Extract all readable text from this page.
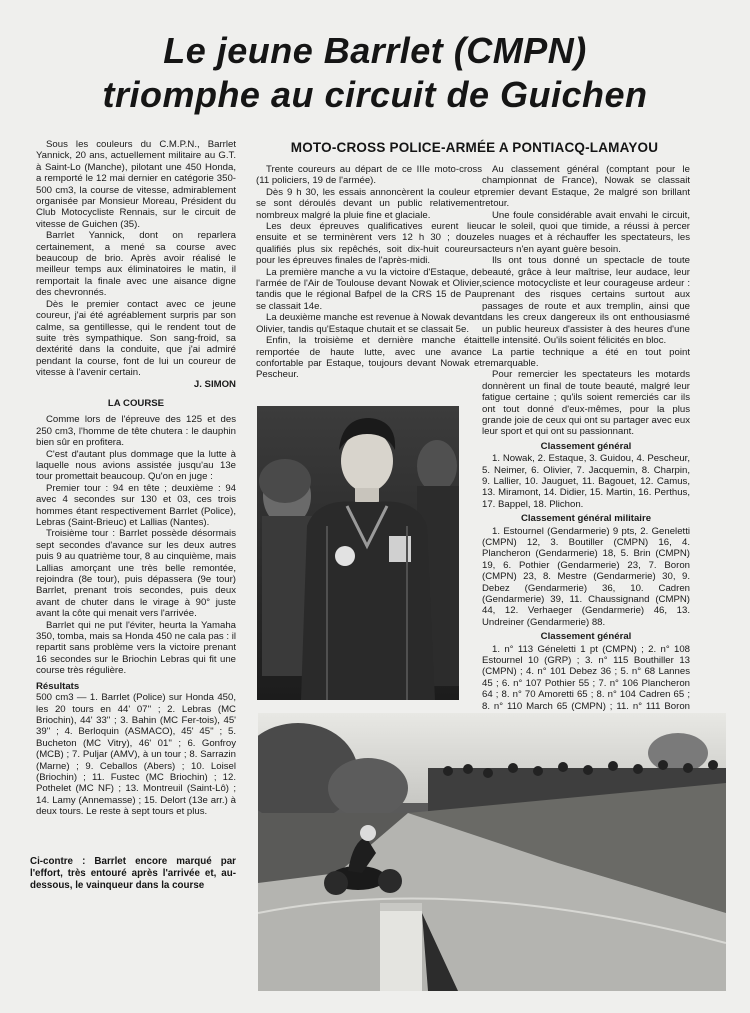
Le jeune Barrlet (CMPN)
triomphe au circuit de Guichen

Sous les couleurs du C.M.P.N., Barrlet Yannick, 20 ans, actuellement militaire au G.T. à Saint-Lo (Manche), pilotant une 450 Honda, a remporté le 12 mai dernier en catégorie 350-500 cm3, la course de vitesse, admirablement organisée par Monsieur Moreau, Président du Club Motocycliste Rennais, sur le circuit de vitesse de Guichen (35).

Barrlet Yannick, dont on reparlera certainement, a mené sa course avec beaucoup de brio. Après avoir réalisé le meilleur temps aux éliminatoires le matin, il remportait la finale avec une aisance digne des chevronnés.

Dès le premier contact avec ce jeune coureur, j'ai été agréablement surpris par son calme, sa gentillesse, qui le rendent tout de suite très sympathique. Son sang-froid, sa dextérité dans la conduite, que j'ai admiré pendant la course, font de lui un coureur de vitesse à l'avenir certain.

J. SIMON

LA COURSE

Comme lors de l'épreuve des 125 et des 250 cm3, l'homme de tête chutera : le dauphin bien sûr en profitera.

C'est d'autant plus dommage que la lutte à laquelle nous avions assistée jusqu'au 13e tour promettait beaucoup. Qu'on en juge :

Premier tour : 94 en tête ; deuxième : 94 avec 4 secondes sur 130 et 03, ces trois hommes étant respectivement Barrlet (Police), Lebras (Saint-Brieuc) et Lallias (Nantes).

Troisième tour : Barrlet possède désormais sept secondes d'avance sur les deux autres puis 9 au quatrième tour, 8 au cinquième, mais Lallias amorçant une très belle remontée, rejoindra (8e tour), puis dépassera (9e tour) Barrlet, prenant trois secondes, puis deux avant de chuter dans le virage à 90° juste avant la côte qui menait vers l'arrivée.

Barrlet qui ne put l'éviter, heurta la Yamaha 350, tomba, mais sa Honda 450 ne cala pas : il repartit sans problème vers la victoire prenant 16 secondes sur le Briochin Lebras qui fit une course très régulière.

Résultats

500 cm3 — 1. Barrlet (Police) sur Honda 450, les 20 tours en 44' 07'' ; 2. Lebras (MC Briochin), 44' 33'' ; 3. Bahin (MC Fer-tois), 45' 39'' ; 4. Berloquin (ASMACO), 45' 45'' ; 5. Bucheton (MC Vitry), 46' 01'' ; 6. Gonfroy (MCB) ; 7. Puljar (AMV), à un tour ; 8. Sarrazin (Marne) ; 9. Ceballos (Abers) ; 10. Loisel (Briochin) ; 11. Fustec (MC Briochin) ; 12. Pothelet (MC NF) ; 13. Montreuil (Saint-Lô) ; 14. Lamy (Annemasse) ; 15. Delort (13e arr.) à deux tours. Le reste à sept tours et plus.

Ci-contre : Barrlet encore marqué par l'effort, très entouré après l'arrivée et, au-dessous, le vainqueur dans la course
MOTO-CROSS POLICE-ARMÉE A PONTIACQ-LAMAYOU

Trente coureurs au départ de ce IIIe moto-cross (11 policiers, 19 de l'armée).

Dès 9 h 30, les essais annoncèrent la couleur et se sont déroulés devant un public relativement nombreux malgré la pluie fine et glaciale.

Les deux épreuves qualificatives eurent lieu ensuite et se terminèrent vers 12 h 30 ; douze qualifiés plus six repêchés, soit dix-huit coureurs pour les épreuves finales de l'après-midi.

La première manche a vu la victoire d'Estaque, de l'armée de l'Air de Toulouse devant Nowak et Olivier, tandis que le régional Bafpel de la CRS 15 de Pau se classait 14e.

La deuxième manche est revenue à Nowak devant Olivier, tandis qu'Estaque chutait et se classait 5e.

Enfin, la troisième et dernière manche était remportée de haute lutte, avec une avance confortable par Estaque, toujours devant Nowak et Pescheur.

Au classement général (comptant pour le championnat de France), Nowak se classait premier devant Estaque, 2e malgré son brillant retour.

Une foule considérable avait envahi le circuit, car le soleil, quoi que timide, a réussi à percer les nuages et à réchauffer les spectateurs, les acteurs n'en ayant guère besoin.

Ils ont tous donné un spectacle de toute beauté, grâce à leur maîtrise, leur audace, leur science motocycliste et leur courageuse ardeur : prenant des risques certains surtout aux passages de route et aux tremplin, ainsi que dans les creux dangereux ils ont enthousiasmé un public heureux d'assister à des heures d'une telle intensité. Ou'ils soient félicités en bloc.

La partie technique a été en tout point remarquable.

Pour remercier les spectateurs les motards donnèrent un final de toute beauté, malgré leur fatigue certaine ; qu'ils soient remerciés car ils ont tout donné d'eux-mêmes, pour la plus grande joie de ceux qui ont su partager avec eux leur sport et qui ont su passionnant.

Classement général

1. Nowak, 2. Estaque, 3. Guidou, 4. Pescheur, 5. Neimer, 6. Olivier, 7. Jacquemin, 8. Charpin, 9. Lallier, 10. Jauguet, 11. Bagouet, 12. Camus, 13. Miramont, 14. Didier, 15. Martin, 16. Perthus, 17. Bappel, 18. Plichon.

Classement général militaire

1. Estournel (Gendarmerie) 9 pts, 2. Geneletti (CMPN) 12, 3. Boutiller (CMPN) 16, 4. Plancheron (Gendarmerie) 18, 5. Brin (CMPN) 19, 6. Pothier (Gendarmerie) 23, 7. Boron (CMPN) 23, 8. Mestre (Gendarmerie) 30, 9. Debez (Gendarmerie) 36, 10. Cadren (Gendarmerie) 39, 11. Chaussignand (CMPN) 44, 12. Verhaeger (Gendarmerie) 46, 13. Undreiner (Gendarmerie) 88.

Classement général

1. n° 113 Géneletti 1 pt (CMPN) ; 2. n° 108 Estournel 10 (GRP) ; 3. n° 115 Bouthiller 13 (CMPN) ; 4. n° 101 Debez 36 ; 5. n° 68 Lannes 45 ; 6. n° 107 Pothier 55 ; 7. n° 106 Plancheron 64 ; 8. n° 70 Amoretti 65 ; 8. n° 104 Cadren 65 ; 8. n° 110 March 65 (CMPN) ; 11. n° 111 Boron
